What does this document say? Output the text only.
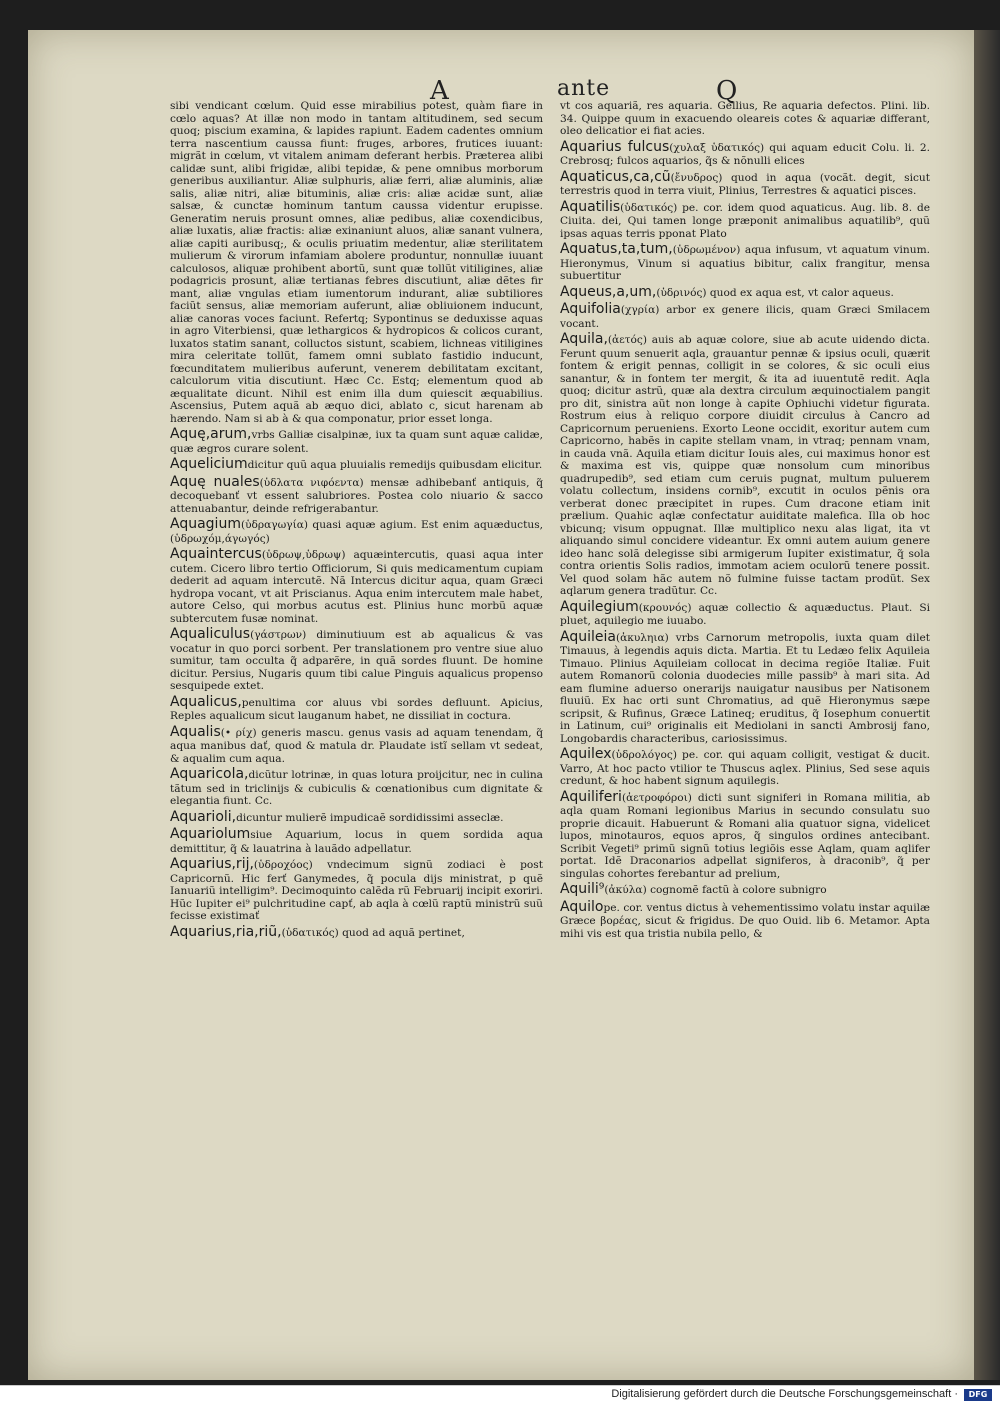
A	ante	Q

sibi vendicant cœlum. Quid esse mirabilius potest, quàm fiare in cœlo aquas? At illæ non modo in tantam altitudinem, sed secum quoq; piscium examina, & lapides rapiunt. Eadem cadentes omnium terra nascentium caussa fiunt: fruges, arbores, frutices iuuant: migrãt in cœlum, vt vitalem animam deferant herbis. Præterea alibi calidæ sunt, alibi frigidæ, alibi tepidæ, & pene omnibus morborum generibus auxiliantur. Aliæ sulphuris, aliæ ferri, aliæ aluminis, aliæ salis, aliæ nitri, aliæ bituminis, aliæ cris: aliæ acidæ sunt, aliæ salsæ, & cunctæ hominum tantum caussa videntur erupisse. Generatim neruis prosunt omnes, aliæ pedibus, aliæ coxendicibus, aliæ luxatis, aliæ fractis: aliæ exinaniunt aluos, aliæ sanant vulnera, aliæ capiti auribusq;, & oculis priuatim medentur, aliæ sterilitatem mulierum & virorum infamiam abolere produntur, nonnullæ iuuant calculosos, aliquæ prohibent abortũ, sunt quæ tollũt vitiligines, aliæ podagricis prosunt, aliæ tertianas febres discutiunt, aliæ dẽtes fir mant, aliæ vngulas etiam iumentorum indurant, aliæ subtiliores faciũt sensus, aliæ memoriam auferunt, aliæ obliuionem inducunt, aliæ canoras voces faciunt. Refertq; Sypontinus se deduxisse aquas in agro Viterbiensi, quæ lethargicos & hydropicos & colicos curant, luxatos statim sanant, colluctos sistunt, scabiem, lichneas vitiligines mira celeritate tollũt, famem omni sublato fastidio inducunt, fœcunditatem mulieribus auferunt, venerem debilitatam excitant, calculorum vitia discutiunt. Hæc Cc. Estq; elementum quod ab æqualitate dicunt. Nihil est enim illa dum quiescit æquabilius. Ascensius, Putem aquã ab æquo dici, ablato c, sicut harenam ab hærendo. Nam si ab à & qua componatur, prior esset longa.

Aquę,arum,vrbs Galliæ cisalpinæ, iux ta quam sunt aquæ calidæ, quæ ægros curare solent.

Aqueliciumdicitur quũ aqua pluuialis remedijs quibusdam elicitur.

Aquę nuales(ὑδλατα νιφόεντα) mensæ adhibebanť antiquis, q̃ decoquebanť vt essent salubriores. Postea colo niuario & sacco attenuabantur, deinde refrigerabantur.

Aquagium(ὑδραγωγία) quasi aquæ agium. Est enim aquæductus, (ὑδρωχόμ,άγωγός)

Aquaintercus(ὑδρωψ,ὑδρωψ) aquæintercutis, quasi aqua inter cutem. Cicero libro tertio Officiorum, Si quis medicamentum cupiam dederit ad aquam intercutẽ. Nã Intercus dicitur aqua, quam Græci hydropa vocant, vt ait Priscianus. Aqua enim intercutem male habet, autore Celso, qui morbus acutus est. Plinius hunc morbũ aquæ subtercutem fusæ nominat.

Aqualiculus(γάστρων) diminutiuum est ab aqualicus & vas vocatur in quo porci sorbent. Per translationem pro ventre siue aluo sumitur, tam occulta q̃ adparẽre, in quã sordes fluunt. De homine dicitur. Persius, Nugaris quum tibi calue Pinguis aqualicus propenso sesquipede extet.

Aqualicus,penultima cor aluus vbi sordes defluunt. Apicius, Reples aqualicum sicut lauganum habet, ne dissiliat in coctura.

Aqualis(• ρίχ) generis mascu. genus vasis ad aquam tenendam, q̃ aqua manibus dať, quod & matula dr. Plaudate istĩ sellam vt sedeat, & aqualim cum aqua.

Aquaricola,dicũtur lotrinæ, in quas lotura proijcitur, nec in culina tãtum sed in triclinijs & cubiculis & cœnationibus cum dignitate & elegantia fiunt. Cc.

Aquarioli,dicuntur mulierẽ impudicaẽ sordidissimi asseclæ.

Aquariolumsiue Aquarium, locus in quem sordida aqua demittitur, q̃ & lauatrina à lauãdo adpellatur.

Aquarius,rij,(ὑδροχόος) vndecimum signũ zodiaci è post Capricornũ. Hic ferť Ganymedes, q̃ pocula dijs ministrat, p quẽ Ianuariũ intelligim⁹. Decimoquinto calẽda rũ Februarij incipit exoriri. Hũc Iupiter ei⁹ pulchritudine capť, ab aqla à cœlũ raptũ ministrũ suũ fecisse existimať

Aquarius,ria,riũ,(ὑδατικός) quod ad aquã pertinet,

vt cos aquariã, res aquaria. Gellius, Re aquaria defectos. Plini. lib. 34. Quippe quum in exacuendo oleareis cotes & aquariæ differant, oleo delicatior ei fiat acies.

Aquarius fulcus(χυλαξ ὑδατικός) qui aquam educit Colu. li. 2. Crebrosq; fulcos aquarios, q̃s & nõnulli elices

Aquaticus,ca,cũ(ἔνυδρος) quod in aqua (vocãt. degit, sicut terrestris quod in terra viuit, Plinius, Terrestres & aquatici pisces.

Aquatilis(ὑδατικός) pe. cor. idem quod aquaticus. Aug. lib. 8. de Ciuita. dei, Qui tamen longe præponit animalibus aquatilib⁹, quũ ipsas aquas terris pponat Plato

Aquatus,ta,tum,(ὑδρωμένον) aqua infusum, vt aquatum vinum. Hieronymus, Vinum si aquatius bibitur, calix frangitur, mensa subuertitur

Aqueus,a,um,(ὑδρινός) quod ex aqua est, vt calor aqueus.

Aquifolia(χγρία) arbor ex genere ilicis, quam Græci Smilacem vocant.

Aquila,(ἀετός) auis ab aquæ colore, siue ab acute uidendo dicta. Ferunt quum senuerit aqla, grauantur pennæ & ipsius oculi, quærit fontem & erigit pennas, colligit in se colores, & sic oculi eius sanantur, & in fontem ter mergit, & ita ad iuuentutẽ redit. Aqla quoq; dicitur astrũ, quæ ala dextra circulum æquinoctialem pangit pro dit, sinistra aũt non longe à capite Ophiuchi videtur figurata. Rostrum eius à reliquo corpore diuidit circulus à Cancro ad Capricornum perueniens. Exorto Leone occidit, exoritur autem cum Capricorno, habẽs in capite stellam vnam, in vtraq; pennam vnam, in cauda vnã. Aquila etiam dicitur Iouis ales, cui maximus honor est & maxima est vis, quippe quæ nonsolum cum minoribus quadrupedib⁹, sed etiam cum ceruis pugnat, multum puluerem volatu collectum, insidens cornib⁹, excutit in oculos pẽnis ora verberat donec præcipitet in rupes. Cum dracone etiam init prælium. Quahic aqlæ confectatur auiditate malefica. Illa ob hoc vbicunq; visum oppugnat. Illæ multiplico nexu alas ligat, ita vt aliquando simul concidere videantur. Ex omni autem auium genere ideo hanc solã delegisse sibi armigerum Iupiter existimatur, q̃ sola contra orientis Solis radios, immotam aciem oculorũ tenere possit. Vel quod solam hãc autem nõ fulmine fuisse tactam prodũt. Sex aqlarum genera tradũtur. Cc.

Aquilegium(κρουνός) aquæ collectio & aquæductus. Plaut. Si pluet, aquilegio me iuuabo.

Aquileia(ἀκυληια) vrbs Carnorum metropolis, iuxta quam dilet Timauus, à legendis aquis dicta. Martia. Et tu Ledæo felix Aquileia Timauo. Plinius Aquileiam collocat in decima regiõe Italiæ. Fuit autem Romanorũ colonia duodecies mille passib⁹ à mari sita. Ad eam flumine aduerso onerarijs nauigatur nausibus per Natisonem fluuiũ. Ex hac orti sunt Chromatius, ad quẽ Hieronymus sæpe scripsit, & Rufinus, Græce Latineq; eruditus, q̃ Iosephum conuertit in Latinum, cui⁹ originalis eit Mediolani in sancti Ambrosij fano, Longobardis characteribus, cariosissimus.

Aquilex(ὑδρολόγος) pe. cor. qui aquam colligit, vestigat & ducit. Varro, At hoc pacto vtilior te Thuscus aqlex. Plinius, Sed sese aquis credunt, & hoc habent signum aquilegis.

Aquiliferi(ἀετροφόροι) dicti sunt signiferi in Romana militia, ab aqla quam Romani legionibus Marius in secundo consulatu suo proprie dicauit. Habuerunt & Romani alia quatuor signa, videlicet lupos, minotauros, equos apros, q̃ singulos ordines antecibant. Scribit Vegeti⁹ primũ signũ totius legiõis esse Aqlam, quam aqlifer portat. Idẽ Draconarios adpellat signiferos, à draconib⁹, q̃ per singulas cohortes ferebantur ad prelium,

Aquili⁹(ἀκύλα) cognomẽ factũ à colore subnigro

Aquilope. cor. ventus dictus à vehementissimo volatu instar aquilæ Græce βορέας, sicut & frigidus. De quo Ouid. lib 6. Metamor. Apta mihi vis est qua tristia nubila pello, &

Digitalisierung gefördert durch die Deutsche Forschungsgemeinschaft ·	DFG
